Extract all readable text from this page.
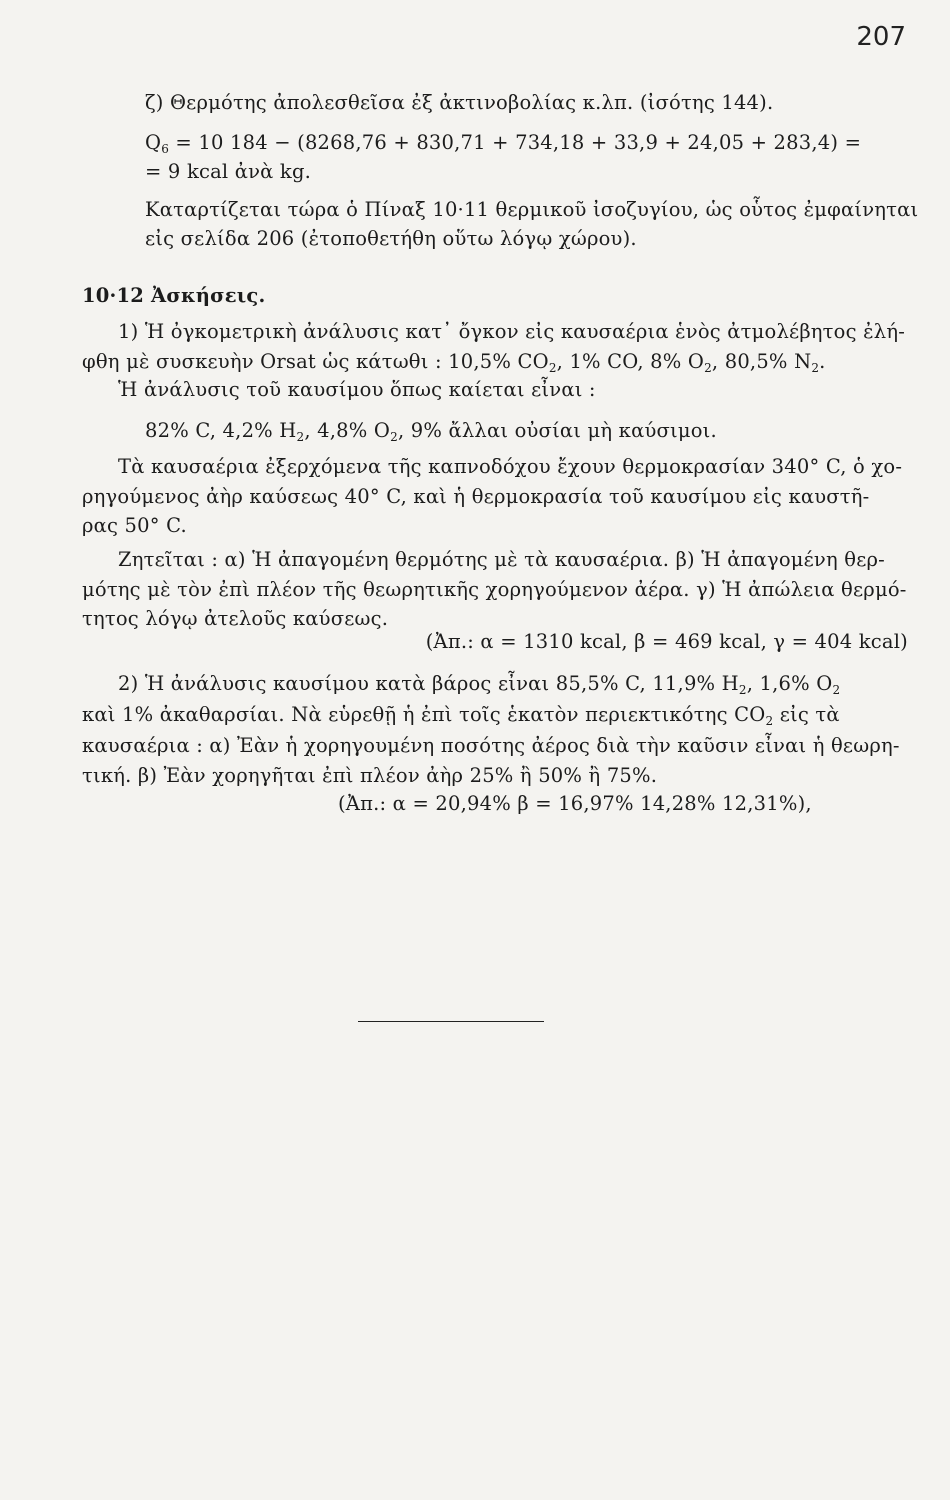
207
ζ) Θερμότης ἀπολεσθεῖσα ἐξ ἀκτινοβολίας κ.λπ. (ἰσότης 144).
$Q_6 = 10$ 184 − (8268,76 + 830,71 + 734,18 + 33,9 + 24,05 + 283,4) =
= 9 kcal ἀνὰ kg.
Καταρτίζεται τώρα ὁ Πίναξ 10·11 θερμικοῦ ἰσοζυγίου, ὡς οὗτος ἐμφαίνηται
εἰς σελίδα 206 (ἐτοποθετήθη οὕτω λόγῳ χώρου).
10·12 Ἀσκήσεις.
1) Ἡ ὀγκομετρικὴ ἀνάλυσις κατ᾽ ὄγκον εἰς καυσαέρια ἑνὸς ἀτμολέβητος ἐλή-
φθη μὲ συσκευὴν Orsat ὡς κάτωθι : 10,5% $CO_2$, 1% CO, 8% $O_2$, 80,5% $N_2$.
Ἡ ἀνάλυσις τοῦ καυσίμου ὅπως καίεται εἶναι :
82% C, 4,2% $H_2$, 4,8% $O_2$, 9% ἄλλαι οὐσίαι μὴ καύσιμοι.
Τὰ καυσαέρια ἐξερχόμενα τῆς καπνοδόχου ἔχουν θερμοκρασίαν 340° C, ὁ χο-
ρηγούμενος ἀὴρ καύσεως 40° C, καὶ ἡ θερμοκρασία τοῦ καυσίμου εἰς καυστῆ-
ρας 50° C.
Ζητεῖται : α) Ἡ ἀπαγομένη θερμότης μὲ τὰ καυσαέρια. β) Ἡ ἀπαγομένη θερ-
μότης μὲ τὸν ἐπὶ πλέον τῆς θεωρητικῆς χορηγούμενον ἀέρα. γ) Ἡ ἀπώλεια θερμό-
τητος λόγῳ ἀτελοῦς καύσεως.
(Ἀπ.: α = 1310 kcal, β = 469 kcal, γ = 404 kcal)
2) Ἡ ἀνάλυσις καυσίμου κατὰ βάρος εἶναι 85,5% C, 11,9% $H_2$, 1,6% $O_2$
καὶ 1% ἀκαθαρσίαι. Νὰ εὑρεθῇ ἡ ἐπὶ τοῖς ἑκατὸν περιεκτικότης $CO_2$ εἰς τὰ
καυσαέρια : α) Ἐὰν ἡ χορηγουμένη ποσότης ἀέρος διὰ τὴν καῦσιν εἶναι ἡ θεωρη-
τική. β) Ἐὰν χορηγῆται ἐπὶ πλέον ἀὴρ 25% ἢ 50% ἢ 75%.
(Ἀπ.: α = 20,94% β = 16,97% 14,28% 12,31%),
